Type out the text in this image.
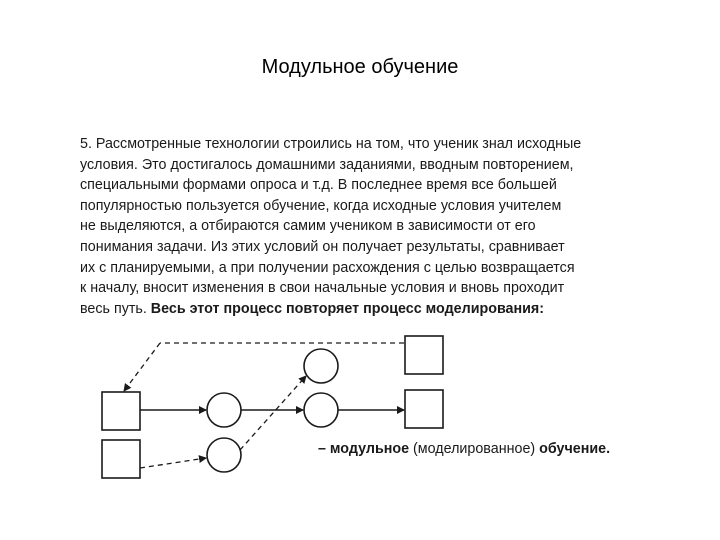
Модульное обучение
5. Рассмотренные технологии строились на том, что ученик знал исходные
условия. Это достигалось домашними заданиями, вводным повторением,
специальными формами опроса и т.д. В последнее время все большей
популярностью пользуется обучение, когда исходные условия учителем
не выделяются, а отбираются самим учеником в зависимости от его
понимания задачи. Из этих условий он получает результаты, сравнивает
их с планируемыми, а при получении расхождения с целью возвращается
к началу, вносит изменения в свои начальные условия и вновь проходит
весь путь. Весь этот процесс повторяет процесс моделирования:
– модульное (моделированное) обучение.
